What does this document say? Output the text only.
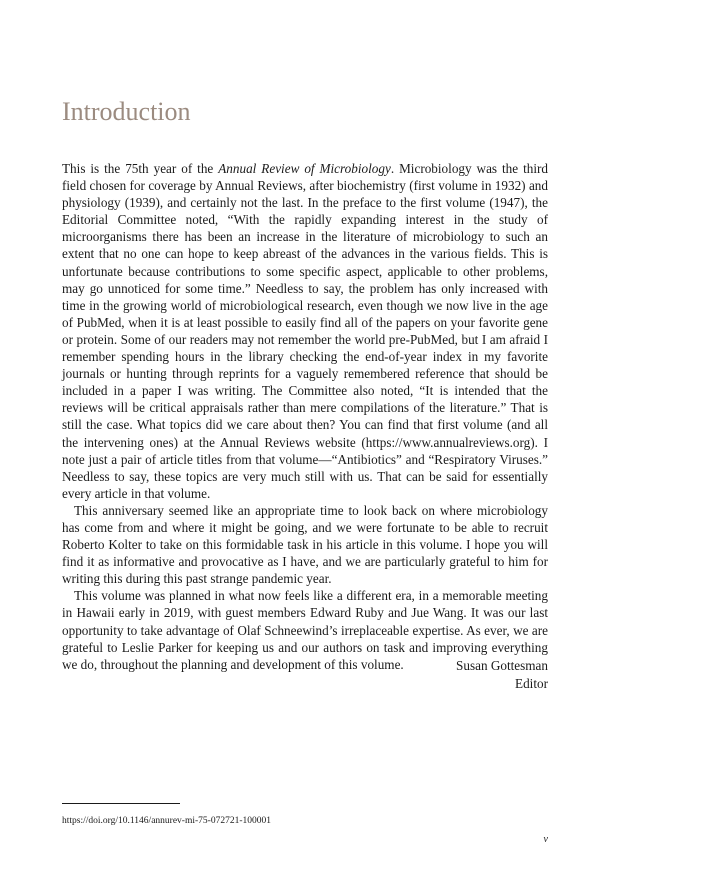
Introduction

This is the 75th year of the Annual Review of Microbiology. Microbiology was the third field chosen for coverage by Annual Reviews, after biochemistry (first volume in 1932) and physiology (1939), and certainly not the last. In the preface to the first volume (1947), the Editorial Committee noted, “With the rapidly expanding interest in the study of microorganisms there has been an increase in the literature of microbiology to such an extent that no one can hope to keep abreast of the advances in the various fields. This is unfortunate because contributions to some specific aspect, applicable to other problems, may go unnoticed for some time.” Needless to say, the problem has only increased with time in the growing world of microbiological research, even though we now live in the age of PubMed, when it is at least possible to easily find all of the papers on your favorite gene or protein. Some of our readers may not remember the world pre-PubMed, but I am afraid I remember spending hours in the library checking the end-of-year index in my favorite journals or hunting through reprints for a vaguely remembered reference that should be included in a paper I was writing. The Committee also noted, “It is intended that the reviews will be critical appraisals rather than mere compilations of the literature.” That is still the case. What topics did we care about then? You can find that first volume (and all the intervening ones) at the Annual Reviews website (https://www.annualreviews.org). I note just a pair of article titles from that volume—“Antibiotics” and “Respiratory Viruses.” Needless to say, these topics are very much still with us. That can be said for essentially every article in that volume.

This anniversary seemed like an appropriate time to look back on where microbiology has come from and where it might be going, and we were fortunate to be able to recruit Roberto Kolter to take on this formidable task in his article in this volume. I hope you will find it as informative and provocative as I have, and we are particularly grateful to him for writing this during this past strange pandemic year.

This volume was planned in what now feels like a different era, in a memorable meeting in Hawaii early in 2019, with guest members Edward Ruby and Jue Wang. It was our last opportunity to take advantage of Olaf Schneewind’s irreplaceable expertise. As ever, we are grateful to Leslie Parker for keeping us and our authors on task and improving everything we do, throughout the planning and development of this volume.	Susan Gottesman
Editor
https://doi.org/10.1146/annurev-mi-75-072721-100001
v
